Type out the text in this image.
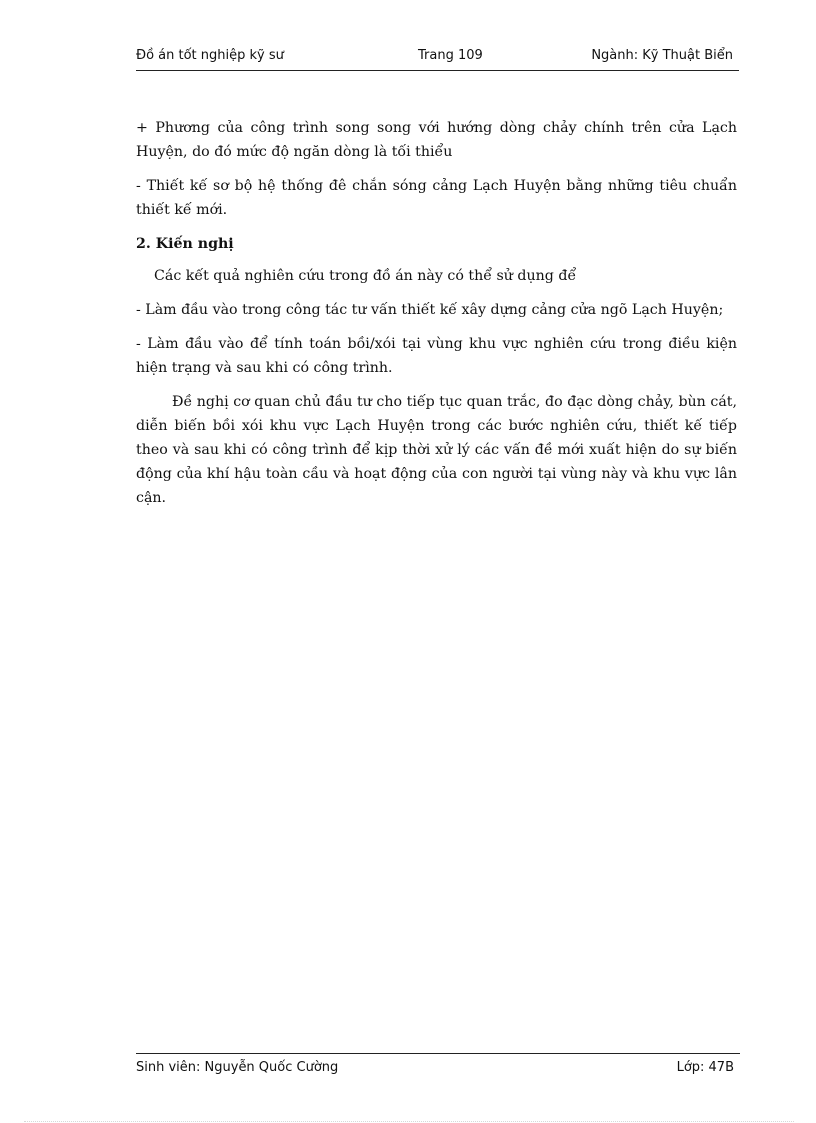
Đồ án tốt nghiệp kỹ sư	Trang 109	Ngành: Kỹ Thuật Biển

+ Phương của công trình song song với hướng dòng chảy chính trên cửa Lạch Huyện, do đó mức độ ngăn dòng là tối thiểu

- Thiết kế sơ bộ hệ thống đê chắn sóng cảng Lạch Huyện bằng những tiêu chuẩn thiết kế mới.

2. Kiến nghị

Các kết quả nghiên cứu trong đồ án này có thể sử dụng để

- Làm đầu vào trong công tác tư vấn thiết kế xây dựng cảng cửa ngõ Lạch Huyện;

- Làm đầu vào để tính toán bồi/xói tại vùng khu vực nghiên cứu trong điều kiện hiện trạng và sau khi có công trình.

Đề nghị cơ quan chủ đầu tư cho tiếp tục quan trắc, đo đạc dòng chảy, bùn cát, diễn biến bồi xói khu vực Lạch Huyện trong các bước nghiên cứu, thiết kế tiếp theo và sau khi có công trình để kịp thời xử lý các vấn đề mới xuất hiện do sự biến động của khí hậu toàn cầu và hoạt động của con người tại vùng này và khu vực lân cận.

Sinh viên: Nguyễn Quốc Cường	Lớp: 47B
